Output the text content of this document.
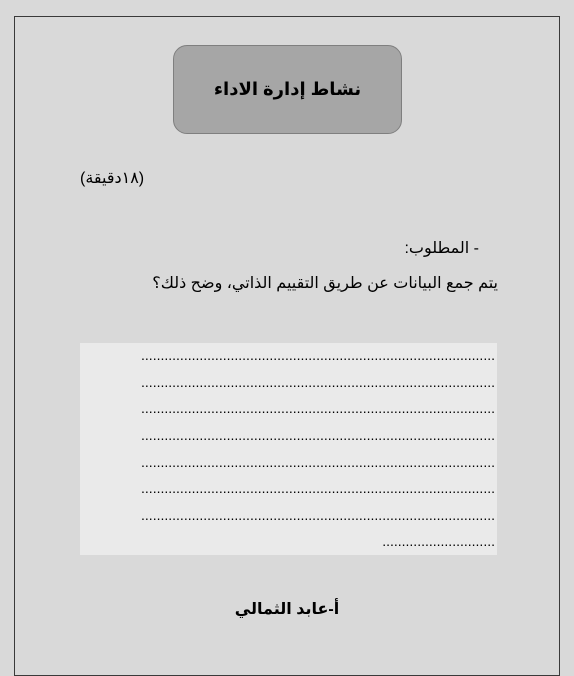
نشاط إدارة الاداء
(١٨دقيقة)
- المطلوب:
يتم جمع البيانات عن طريق التقييم الذاتي، وضح ذلك؟
...........................................................................................
...........................................................................................
...........................................................................................
...........................................................................................
...........................................................................................
...........................................................................................
...........................................................................................
.............................
أ-عابد الثمالي
